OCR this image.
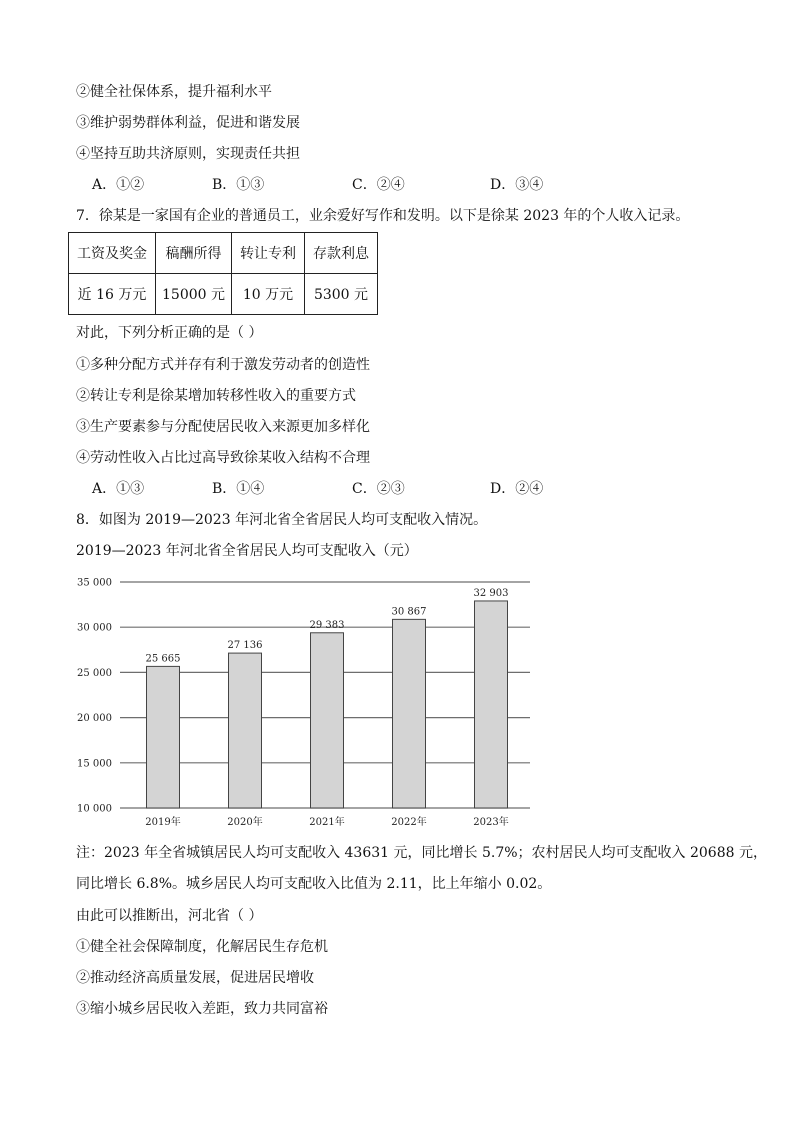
②健全社保体系，提升福利水平
③维护弱势群体利益，促进和谐发展
④坚持互助共济原则，实现责任共担
A．①②	B．①③	C．②④	D．③④
7．徐某是一家国有企业的普通员工，业余爱好写作和发明。以下是徐某 2023 年的个人收入记录。
工资及奖金	稿酬所得	转让专利	存款利息
近 16 万元	15000 元	10 万元	5300 元
对此，下列分析正确的是（ ）
①多种分配方式并存有利于激发劳动者的创造性
②转让专利是徐某增加转移性收入的重要方式
③生产要素参与分配使居民收入来源更加多样化
④劳动性收入占比过高导致徐某收入结构不合理
A．①③	B．①④	C．②③	D．②④
8．如图为 2019—2023 年河北省全省居民人均可支配收入情况。
2019—2023 年河北省全省居民人均可支配收入（元）
10 000
15 000
20 000
25 000
30 000
35 000
25 665
2019年
27 136
2020年
29 383
2021年
30 867
2022年
32 903
2023年
注：2023 年全省城镇居民人均可支配收入 43631 元，同比增长 5.7%；农村居民人均可支配收入 20688 元，
同比增长 6.8%。城乡居民人均可支配收入比值为 2.11，比上年缩小 0.02。
由此可以推断出，河北省（ ）
①健全社会保障制度，化解居民生存危机
②推动经济高质量发展，促进居民增收
③缩小城乡居民收入差距，致力共同富裕
